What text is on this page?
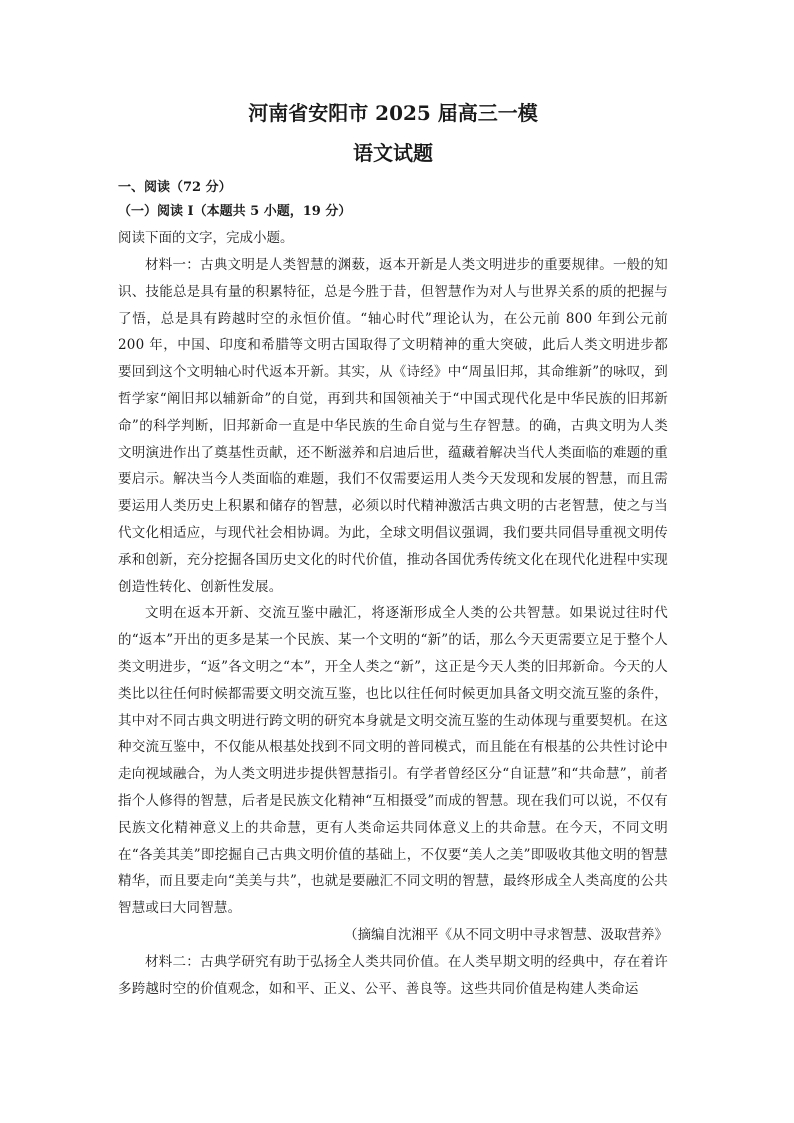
河南省安阳市 2025 届高三一模
语文试题

一、阅读（72 分）

（一）阅读 I（本题共 5 小题，19 分）

阅读下面的文字，完成小题。

材料一：古典文明是人类智慧的渊薮，返本开新是人类文明进步的重要规律。一般的知识、技能总是具有量的积累特征，总是今胜于昔，但智慧作为对人与世界关系的质的把握与了悟，总是具有跨越时空的永恒价值。“轴心时代”理论认为，在公元前 800 年到公元前 200 年，中国、印度和希腊等文明古国取得了文明精神的重大突破，此后人类文明进步都要回到这个文明轴心时代返本开新。其实，从《诗经》中“周虽旧邦，其命维新”的咏叹，到哲学家“阐旧邦以辅新命”的自觉，再到共和国领袖关于“中国式现代化是中华民族的旧邦新命”的科学判断，旧邦新命一直是中华民族的生命自觉与生存智慧。的确，古典文明为人类文明演进作出了奠基性贡献，还不断滋养和启迪后世，蕴藏着解决当代人类面临的难题的重要启示。解决当今人类面临的难题，我们不仅需要运用人类今天发现和发展的智慧，而且需要运用人类历史上积累和储存的智慧，必须以时代精神激活古典文明的古老智慧，使之与当代文化相适应，与现代社会相协调。为此，全球文明倡议强调，我们要共同倡导重视文明传承和创新，充分挖掘各国历史文化的时代价值，推动各国优秀传统文化在现代化进程中实现创造性转化、创新性发展。

文明在返本开新、交流互鉴中融汇，将逐渐形成全人类的公共智慧。如果说过往时代的“返本”开出的更多是某一个民族、某一个文明的“新”的话，那么今天更需要立足于整个人类文明进步，“返”各文明之“本”，开全人类之“新”，这正是今天人类的旧邦新命。今天的人类比以往任何时候都需要文明交流互鉴，也比以往任何时候更加具备文明交流互鉴的条件，其中对不同古典文明进行跨文明的研究本身就是文明交流互鉴的生动体现与重要契机。在这种交流互鉴中，不仅能从根基处找到不同文明的普同模式，而且能在有根基的公共性讨论中走向视域融合，为人类文明进步提供智慧指引。有学者曾经区分“自证慧”和“共命慧”，前者指个人修得的智慧，后者是民族文化精神“互相摄受”而成的智慧。现在我们可以说，不仅有民族文化精神意义上的共命慧，更有人类命运共同体意义上的共命慧。在今天，不同文明在“各美其美”即挖掘自己古典文明价值的基础上，不仅要“美人之美”即吸收其他文明的智慧精华，而且要走向“美美与共”，也就是要融汇不同文明的智慧，最终形成全人类高度的公共智慧或曰大同智慧。

（摘编自沈湘平《从不同文明中寻求智慧、汲取营养》

材料二：古典学研究有助于弘扬全人类共同价值。在人类早期文明的经典中，存在着许多跨越时空的价值观念，如和平、正义、公平、善良等。这些共同价值是构建人类命运
